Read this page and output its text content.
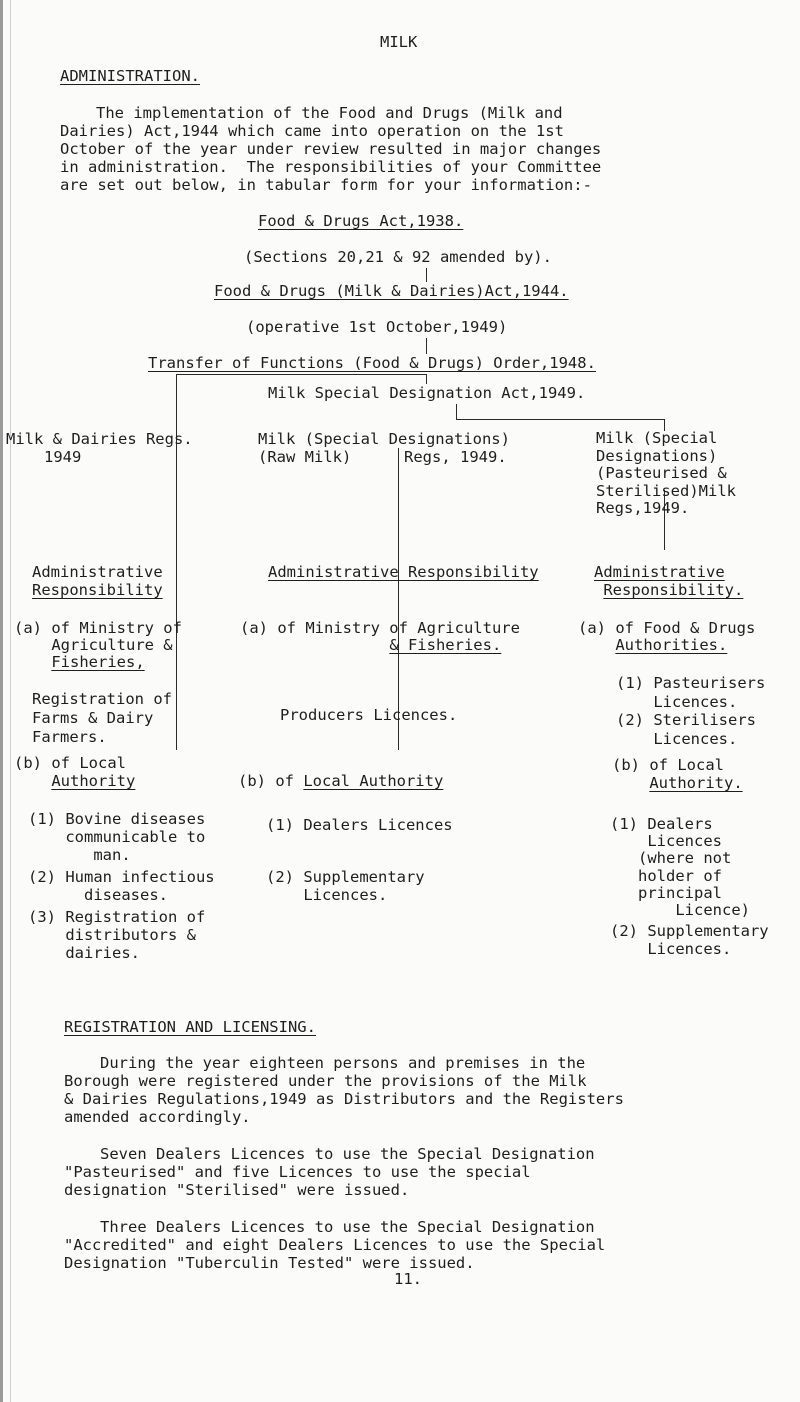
MILK
ADMINISTRATION.
The implementation of the Food and Drugs (Milk and
Dairies) Act,1944 which came into operation on the 1st
October of the year under review resulted in major changes
in administration.  The responsibilities of your Committee
are set out below, in tabular form for your information:-
Food & Drugs Act,1938.
(Sections 20,21 & 92 amended by).
Food & Drugs (Milk & Dairies)Act,1944.
(operative 1st October,1949)
Transfer of Functions (Food & Drugs) Order,1948.
Milk Special Designation Act,1949.
Milk & Dairies Regs.
1949
Administrative
Responsibility
(a) of Ministry of
Agriculture &
Fisheries,
Registration of
Farms & Dairy
Farmers.
(b) of Local
Authority
(1) Bovine diseases
communicable to
man.
(2) Human infectious
diseases.
(3) Registration of
distributors &
dairies.
Milk (Special Designations)
(Raw Milk)	Regs, 1949.
Administrative Responsibility
(a) of Ministry of Agriculture
& Fisheries.
Producers Licences.
(b) of Local Authority
(1) Dealers Licences
(2) Supplementary
Licences.
Milk (Special
Designations)
(Pasteurised &
Sterilised)Milk
Regs,1949.
Administrative
Responsibility.
(a) of Food & Drugs
Authorities.
(1) Pasteurisers
Licences.
(2) Sterilisers
Licences.
(b) of Local
Authority.
(1) Dealers
Licences
(where not
holder of
principal
Licence)
(2) Supplementary
Licences.
REGISTRATION AND LICENSING.
During the year eighteen persons and premises in the
Borough were registered under the provisions of the Milk
& Dairies Regulations,1949 as Distributors and the Registers
amended accordingly.
Seven Dealers Licences to use the Special Designation
"Pasteurised" and five Licences to use the special
designation "Sterilised" were issued.
Three Dealers Licences to use the Special Designation
"Accredited" and eight Dealers Licences to use the Special
Designation "Tuberculin Tested" were issued.
11.
